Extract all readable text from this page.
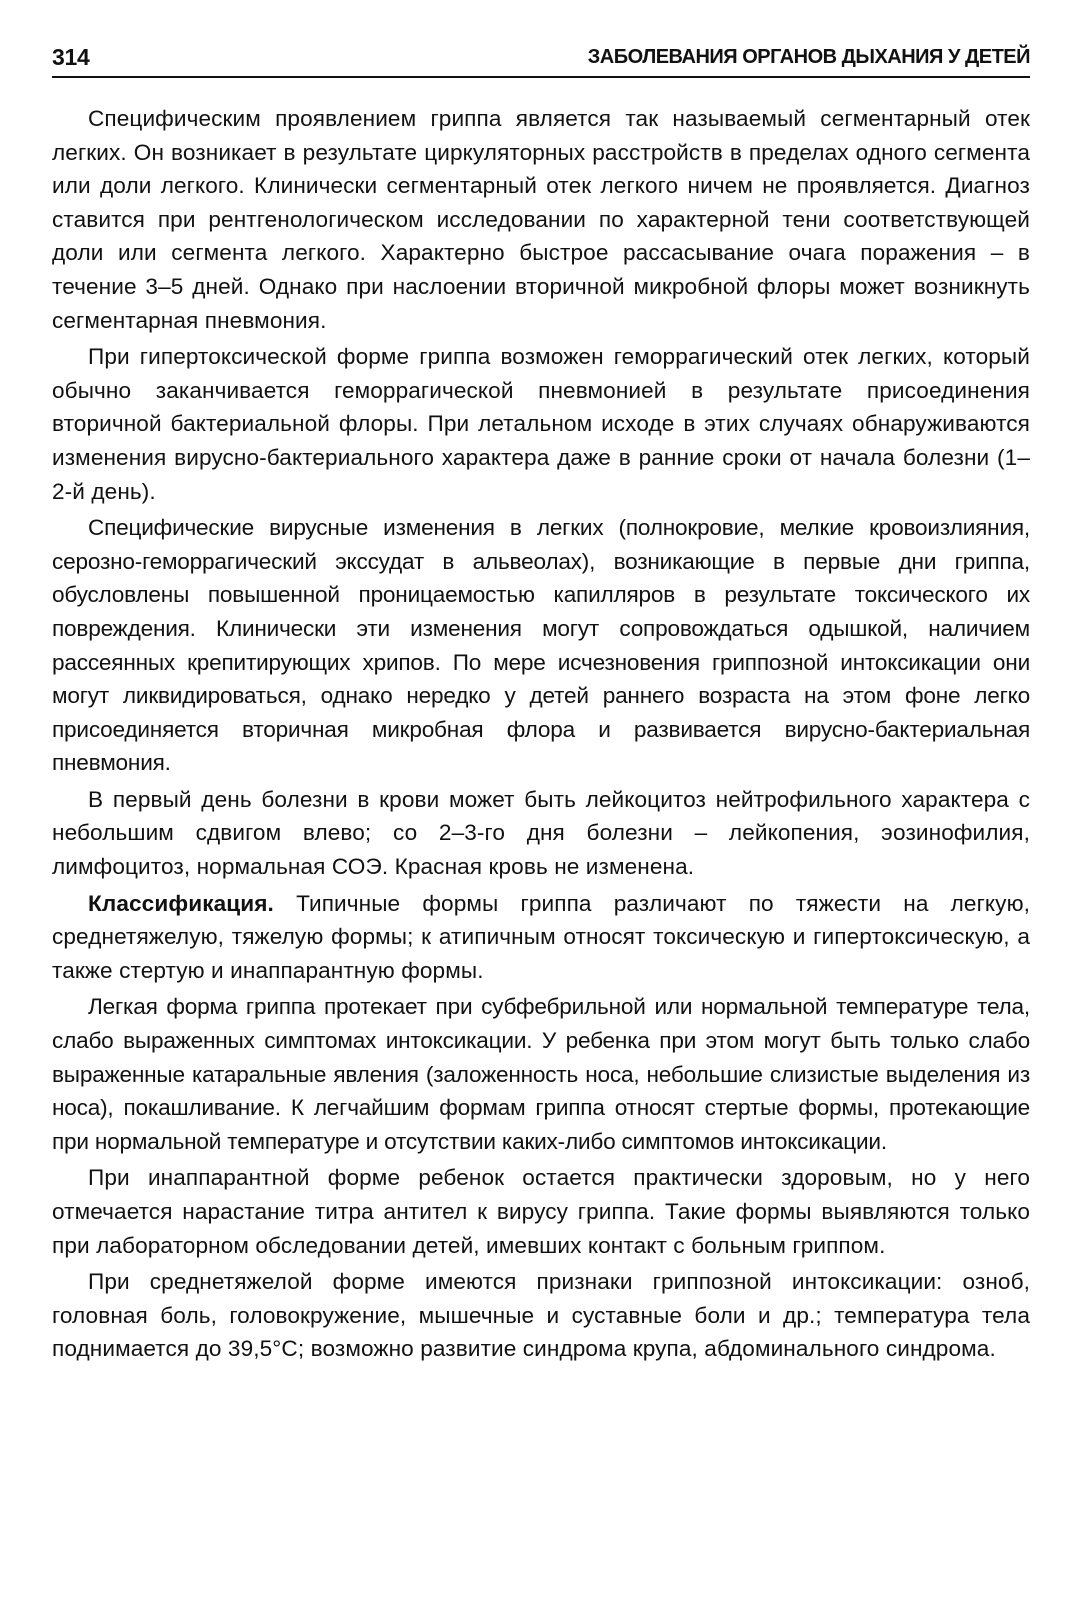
314	ЗАБОЛЕВАНИЯ ОРГАНОВ ДЫХАНИЯ У ДЕТЕЙ

Специфическим проявлением гриппа является так называемый сегментарный отек легких. Он возникает в результате циркуляторных расстройств в пределах одного сегмента или доли легкого. Клинически сегментарный отек легкого ничем не проявляется. Диагноз ставится при рентгенологическом исследовании по характерной тени соответствующей доли или сегмента легкого. Характерно быстрое рассасывание очага поражения – в течение 3–5 дней. Однако при наслоении вторичной микробной флоры может возникнуть сегментарная пневмония.

При гипертоксической форме гриппа возможен геморрагический отек легких, который обычно заканчивается геморрагической пневмонией в результате присоединения вторичной бактериальной флоры. При летальном исходе в этих случаях обнаруживаются изменения вирусно-бактериального характера даже в ранние сроки от начала болезни (1–2-й день).

Специфические вирусные изменения в легких (полнокровие, мелкие кровоизлияния, серозно-геморрагический экссудат в альвеолах), возникающие в первые дни гриппа, обусловлены повышенной проницаемостью капилляров в результате токсического их повреждения. Клинически эти изменения могут сопровождаться одышкой, наличием рассеянных крепитирующих хрипов. По мере исчезновения гриппозной интоксикации они могут ликвидироваться, однако нередко у детей раннего возраста на этом фоне легко присоединяется вторичная микробная флора и развивается вирусно-бактериальная пневмония.

В первый день болезни в крови может быть лейкоцитоз нейтрофильного характера с небольшим сдвигом влево; со 2–3-го дня болезни – лейкопения, эозинофилия, лимфоцитоз, нормальная СОЭ. Красная кровь не изменена.

Классификация. Типичные формы гриппа различают по тяжести на легкую, среднетяжелую, тяжелую формы; к атипичным относят токсическую и гипертоксическую, а также стертую и инаппарантную формы.

Легкая форма гриппа протекает при субфебрильной или нормальной температуре тела, слабо выраженных симптомах интоксикации. У ребенка при этом могут быть только слабо выраженные катаральные явления (заложенность носа, небольшие слизистые выделения из носа), покашливание. К легчайшим формам гриппа относят стертые формы, протекающие при нормальной температуре и отсутствии каких-либо симптомов интоксикации.

При инаппарантной форме ребенок остается практически здоровым, но у него отмечается нарастание титра антител к вирусу гриппа. Такие формы выявляются только при лабораторном обследовании детей, имевших контакт с больным гриппом.

При среднетяжелой форме имеются признаки гриппозной интоксикации: озноб, головная боль, головокружение, мышечные и суставные боли и др.; температура тела поднимается до 39,5°С; возможно развитие синдрома крупа, абдоминального синдрома.
